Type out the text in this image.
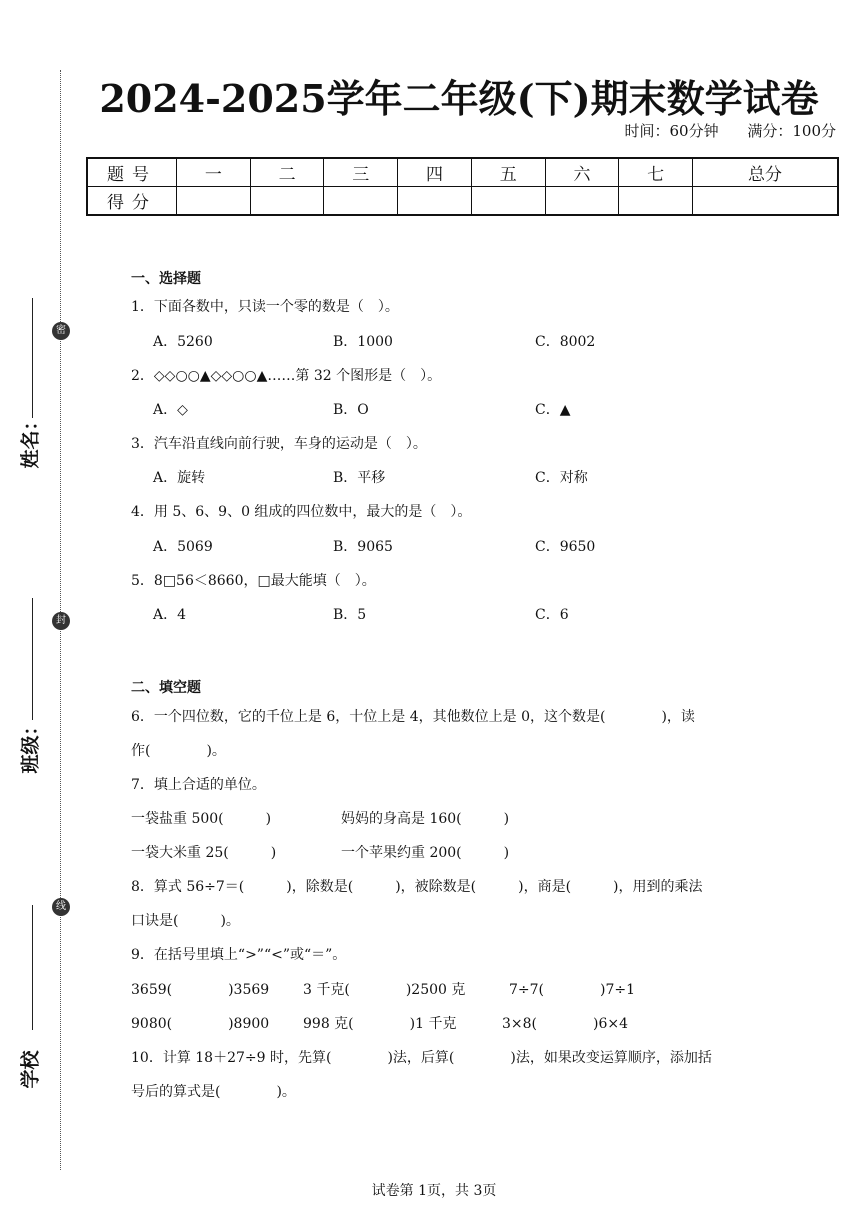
密
封
线
姓名：
班级：
学校
2024-2025学年二年级(下)期末数学试卷
时间：60分钟 满分：100分
题号	一	二	三	四	五	六	七	总分
得分								
一、选择题
1．下面各数中，只读一个零的数是（　）。
A．5260	B．1000	C．8002
2．◇◇○○▲◇◇○○▲……第 32 个图形是（　）。
A．◇	B．O	C．▲
3．汽车沿直线向前行驶，车身的运动是（　）。
A．旋转	B．平移	C．对称
4．用 5、6、9、0 组成的四位数中，最大的是（　）。
A．5069	B．9065	C．9650
5．8□56＜8660，□最大能填（　）。
A．4	B．5	C．6
二、填空题
6．一个四位数，它的千位上是 6，十位上是 4，其他数位上是 0，这个数是(　　　　)，读
作(　　　　)。
7．填上合适的单位。
一袋盐重 500(　　　)	妈妈的身高是 160(　　　)
一袋大米重 25(　　　)	一个苹果约重 200(　　　)
8．算式 56÷7＝(　　　)，除数是(　　　)，被除数是(　　　)，商是(　　　)，用到的乘法
口诀是(　　　)。
9．在括号里填上“>”“<”或“＝”。
3659(　　　　)3569 3 千克(　　　　)2500 克	7÷7(　　　　)7÷1
9080(　　　　)8900 998 克(　　　　)1 千克	3×8(　　　　)6×4
10．计算 18＋27÷9 时，先算(　　　　)法，后算(　　　　)法，如果改变运算顺序，添加括
号后的算式是(　　　　)。
试卷第 1页，共 3页
